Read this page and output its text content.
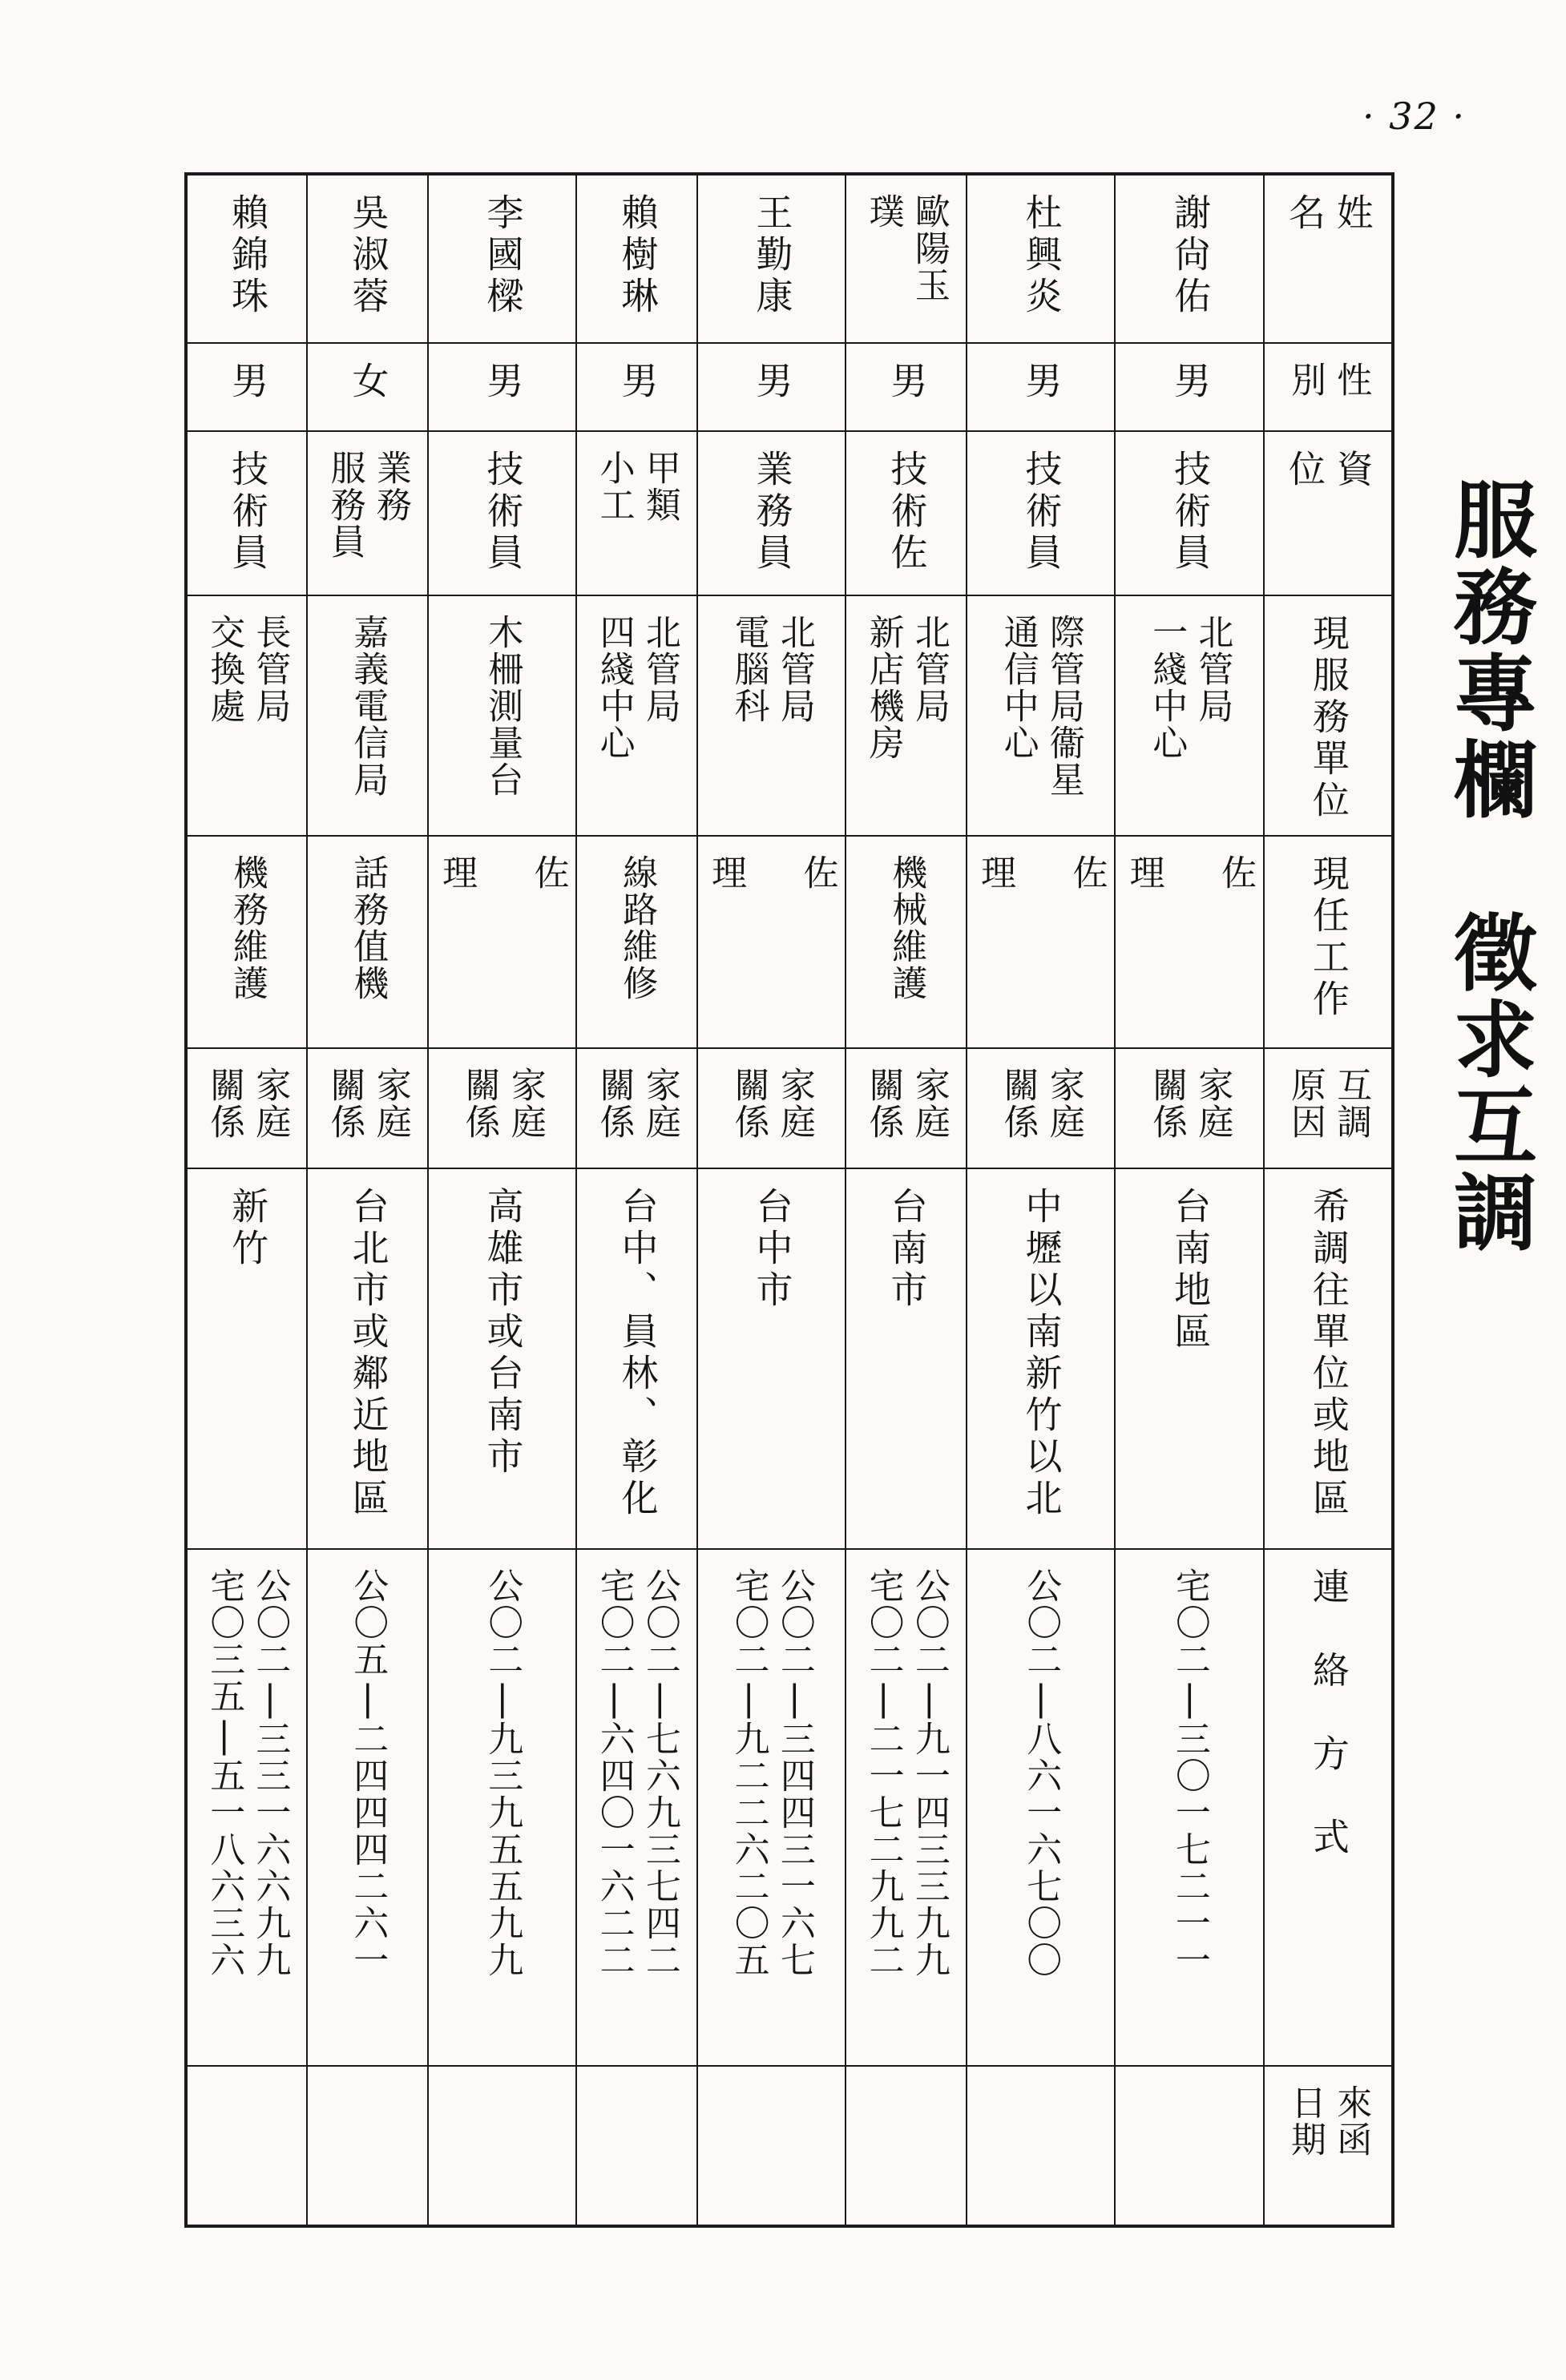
· 32 ·
服務專欄　徵求互調
姓
名
性
別
資
位
現服務單位
現任工作
互調
原因
希調往單位或地區
連　絡　方　式
來函
日期
謝尙佑
男
技術員
北管局
一綫中心
佐

理
家庭
關係
台南地區
宅〇二|三〇一七二一一
杜興炎
男
技術員
際管局衞星
通信中心
佐

理
家庭
關係
中壢以南新竹以北
公〇二|八六一六七〇〇
歐陽玉璞
男
技術佐
北管局
新店機房
機械維護
家庭
關係
台南市
公〇二|九一四三三九九
宅〇二|二一七二九九二
王勤康
男
業務員
北管局
電腦科
佐

理
家庭
關係
台中市
公〇二|三四四三一六七
宅〇二|九二二六二〇五
賴樹琳
男
甲類
小工
北管局
四綫中心
線路維修
家庭
關係
台中、員林、彰化
公〇二|七六九三七四二
宅〇二|六四〇一六二二
李國樑
男
技術員
木柵測量台
佐

理
家庭
關係
高雄市或台南市
公〇二|九三九五五九九
吳淑蓉
女
業務
服務員
嘉義電信局
話務值機
家庭
關係
台北市或鄰近地區
公〇五|二四四四二六一
賴錦珠
男
技術員
長管局
交換處
機務維護
家庭
關係
新竹
公〇二|三三一六六九九
宅〇三五|五一八六三六
